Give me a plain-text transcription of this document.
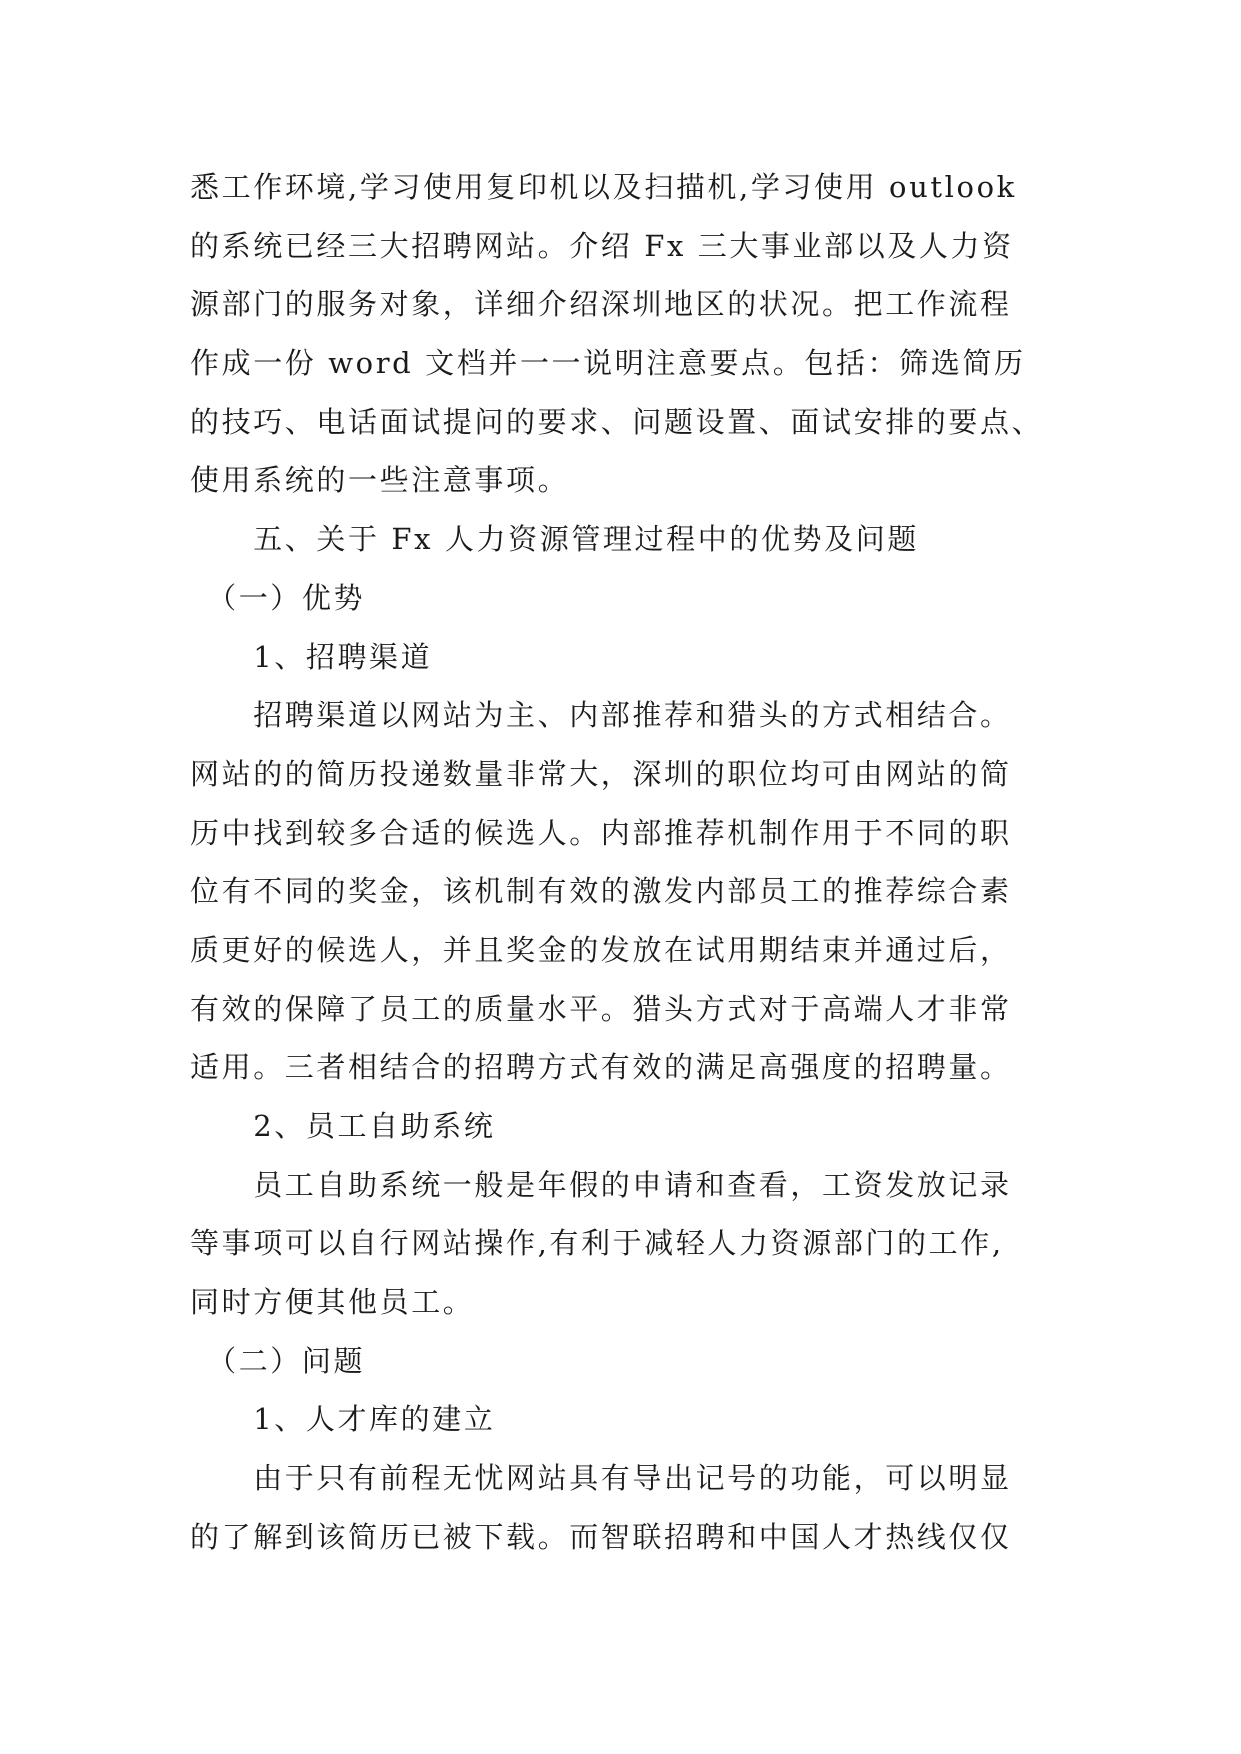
悉工作环境,学习使用复印机以及扫描机,学习使用 outlook
的系统已经三大招聘网站。介绍 Fx 三大事业部以及人力资
源部门的服务对象，详细介绍深圳地区的状况。把工作流程
作成一份 word 文档并一一说明注意要点。包括：筛选简历
的技巧、电话面试提问的要求、问题设置、面试安排的要点、
使用系统的一些注意事项。
　　五、关于 Fx 人力资源管理过程中的优势及问题
　（一）优势
　　1、招聘渠道
　　招聘渠道以网站为主、内部推荐和猎头的方式相结合。
网站的的简历投递数量非常大，深圳的职位均可由网站的简
历中找到较多合适的候选人。内部推荐机制作用于不同的职
位有不同的奖金，该机制有效的激发内部员工的推荐综合素
质更好的候选人，并且奖金的发放在试用期结束并通过后，
有效的保障了员工的质量水平。猎头方式对于高端人才非常
适用。三者相结合的招聘方式有效的满足高强度的招聘量。
　　2、员工自助系统
　　员工自助系统一般是年假的申请和查看，工资发放记录
等事项可以自行网站操作,有利于减轻人力资源部门的工作,
同时方便其他员工。
　（二）问题
　　1、人才库的建立
　　由于只有前程无忧网站具有导出记号的功能，可以明显
的了解到该简历已被下载。而智联招聘和中国人才热线仅仅
